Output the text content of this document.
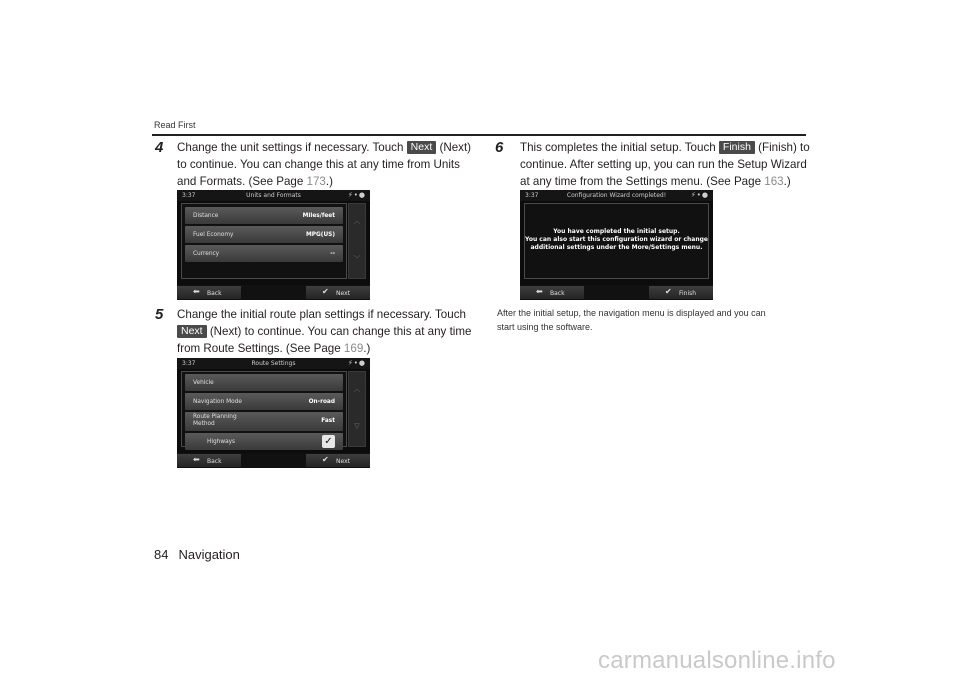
Read First
4 Change the unit settings if necessary. Touch Next (Next)
to continue. You can change this at any time from Units
and Formats. (See Page 173.)
3:37	Units and Formats	⚡•●
Distance	Miles/feet
Fuel Economy	MPG(US)
Currency	--
︿
﹀
⬅ Back	✔ Next
5 Change the initial route plan settings if necessary. Touch
Next (Next) to continue. You can change this at any time
from Route Settings. (See Page 169.)
3:37	Route Settings	⚡•●
Vehicle
Navigation Mode	On-road
Route Planning
Method	Fast
Highways	✓
︿
▽
⬅ Back	✔ Next
6 This completes the initial setup. Touch Finish (Finish) to
continue. After setting up, you can run the Setup Wizard
at any time from the Settings menu. (See Page 163.)
3:37	Configuration Wizard completed!	⚡•●
You have completed the initial setup.
You can also start this configuration wizard or change
additional settings under the More/Settings menu.
⬅ Back	✔ Finish
After the initial setup, the navigation menu is displayed and you can
start using the software.
84 Navigation
carmanualsonline.info
